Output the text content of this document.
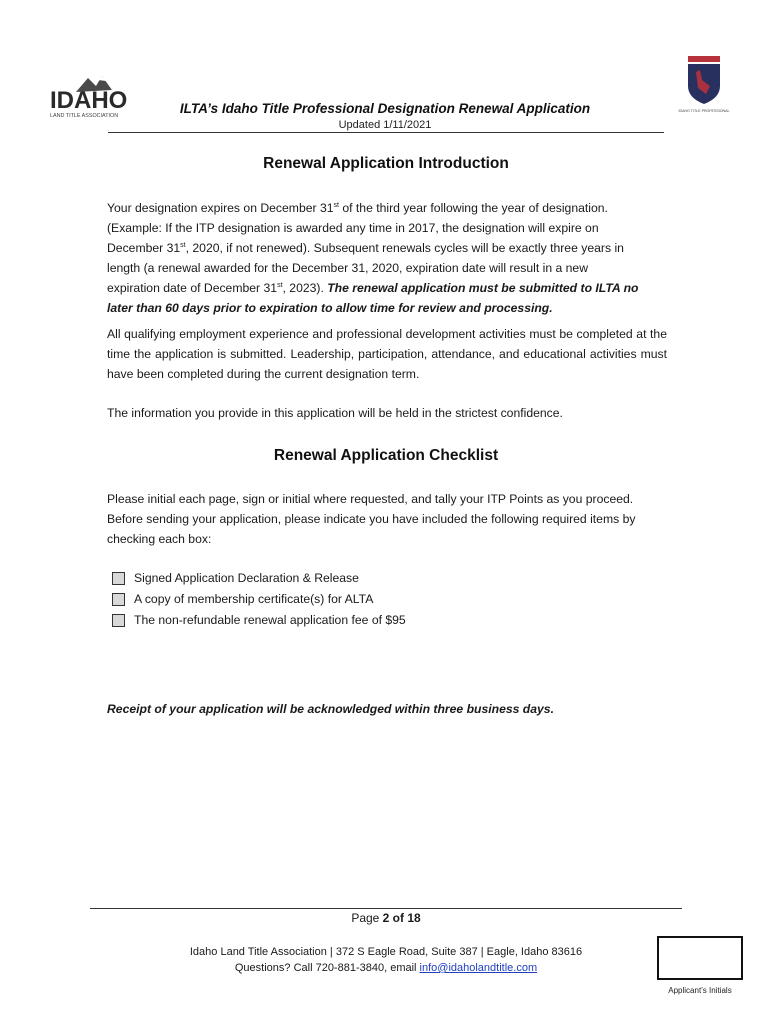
IDAHO
LAND TITLE ASSOCIATION
IDAHO TITLE PROFESSIONAL
ILTA’s Idaho Title Professional Designation Renewal Application
Updated 1/11/2021
Renewal Application Introduction
Your designation expires on December 31st of the third year following the year of designation.
(Example: If the ITP designation is awarded any time in 2017, the designation will expire on
December 31st, 2020, if not renewed). Subsequent renewals cycles will be exactly three years in
length (a renewal awarded for the December 31, 2020, expiration date will result in a new
expiration date of December 31st, 2023). The renewal application must be submitted to ILTA no
later than 60 days prior to expiration to allow time for review and processing.
All qualifying employment experience and professional development activities must be completed at the time the application is submitted. Leadership, participation, attendance, and educational activities must have been completed during the current designation term.
The information you provide in this application will be held in the strictest confidence.
Renewal Application Checklist
Please initial each page, sign or initial where requested, and tally your ITP Points as you proceed. Before sending your application, please indicate you have included the following required items by checking each box:
Signed Application Declaration & Release
A copy of membership certificate(s) for ALTA
The non-refundable renewal application fee of $95
Receipt of your application will be acknowledged within three business days.
Page 2 of 18
Idaho Land Title Association | 372 S Eagle Road, Suite 387 | Eagle, Idaho 83616
Questions? Call 720-881-3840, email info@idaholandtitle.com
Applicant’s Initials
